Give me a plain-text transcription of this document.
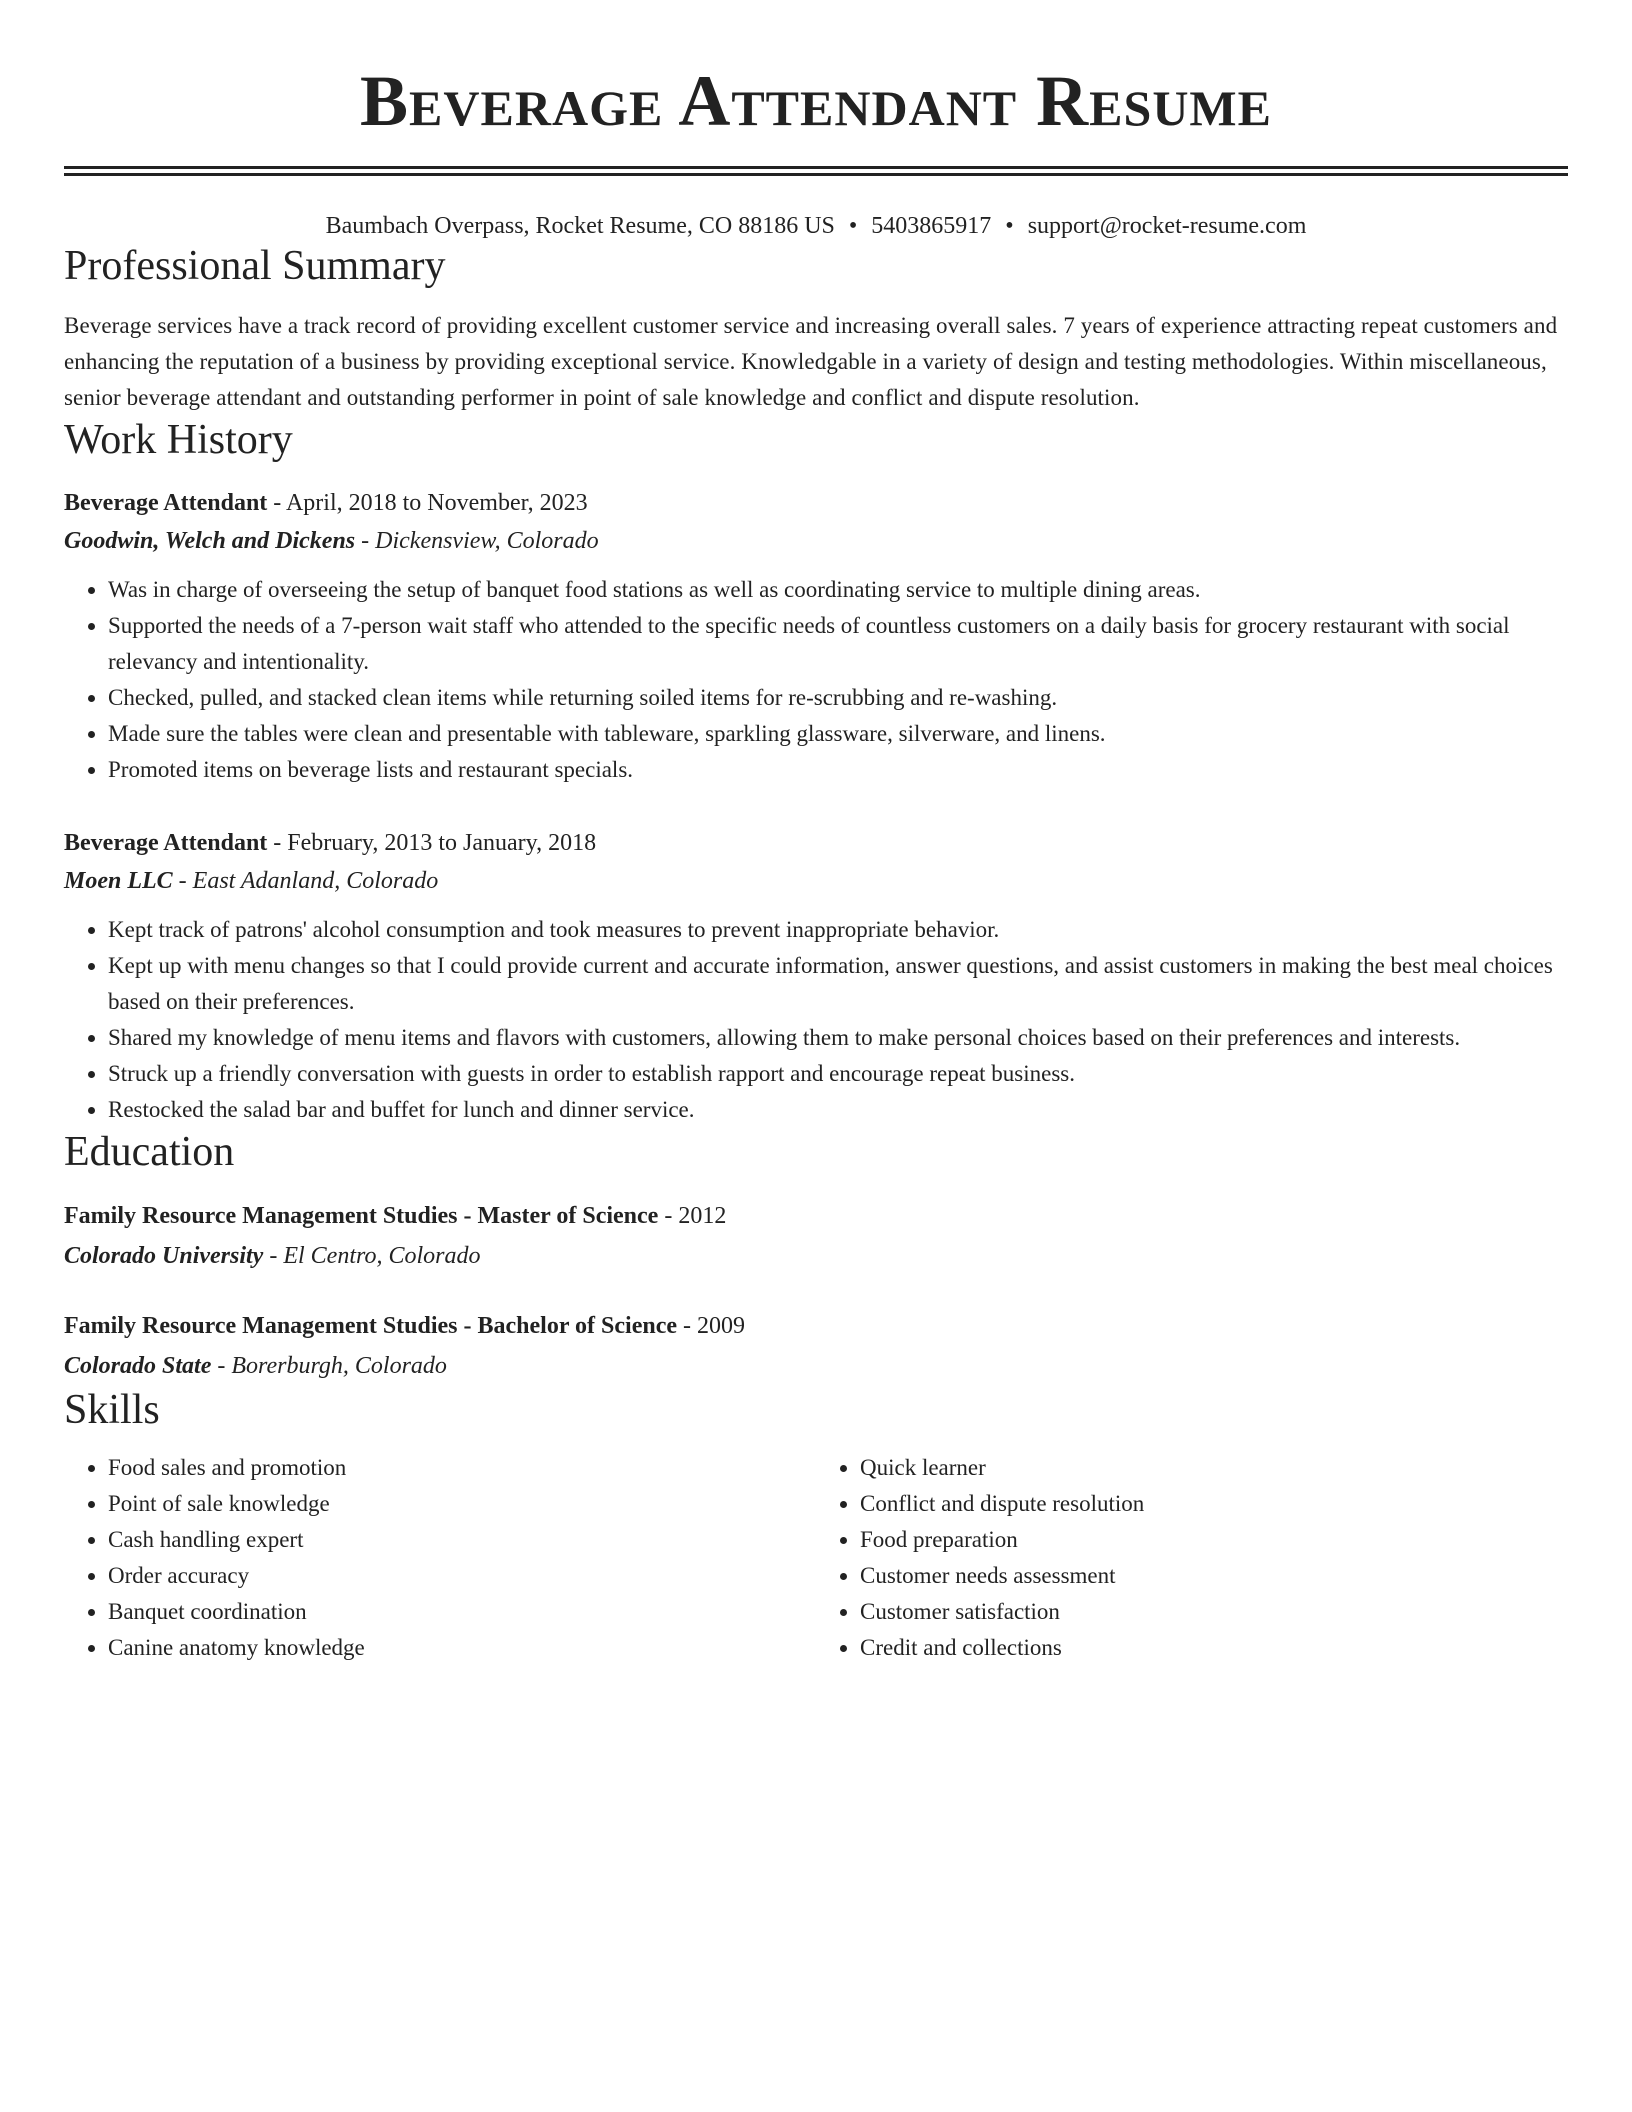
Beverage Attendant Resume
Baumbach Overpass, Rocket Resume, CO 88186 US • 5403865917 • support@rocket-resume.com
Professional Summary
Beverage services have a track record of providing excellent customer service and increasing overall sales. 7 years of experience attracting repeat customers and enhancing the reputation of a business by providing exceptional service. Knowledgable in a variety of design and testing methodologies. Within miscellaneous, senior beverage attendant and outstanding performer in point of sale knowledge and conflict and dispute resolution.
Work History
Beverage Attendant - April, 2018 to November, 2023
Goodwin, Welch and Dickens - Dickensview, Colorado
• Was in charge of overseeing the setup of banquet food stations as well as coordinating service to multiple dining areas.
• Supported the needs of a 7-person wait staff who attended to the specific needs of countless customers on a daily basis for grocery restaurant with social relevancy and intentionality.
• Checked, pulled, and stacked clean items while returning soiled items for re-scrubbing and re-washing.
• Made sure the tables were clean and presentable with tableware, sparkling glassware, silverware, and linens.
• Promoted items on beverage lists and restaurant specials.
Beverage Attendant - February, 2013 to January, 2018
Moen LLC - East Adanland, Colorado
• Kept track of patrons' alcohol consumption and took measures to prevent inappropriate behavior.
• Kept up with menu changes so that I could provide current and accurate information, answer questions, and assist customers in making the best meal choices based on their preferences.
• Shared my knowledge of menu items and flavors with customers, allowing them to make personal choices based on their preferences and interests.
• Struck up a friendly conversation with guests in order to establish rapport and encourage repeat business.
• Restocked the salad bar and buffet for lunch and dinner service.
Education
Family Resource Management Studies - Master of Science - 2012
Colorado University - El Centro, Colorado
Family Resource Management Studies - Bachelor of Science - 2009
Colorado State - Borerburgh, Colorado
Skills
• Food sales and promotion
• Point of sale knowledge
• Cash handling expert
• Order accuracy
• Banquet coordination
• Canine anatomy knowledge
• Quick learner
• Conflict and dispute resolution
• Food preparation
• Customer needs assessment
• Customer satisfaction
• Credit and collections
